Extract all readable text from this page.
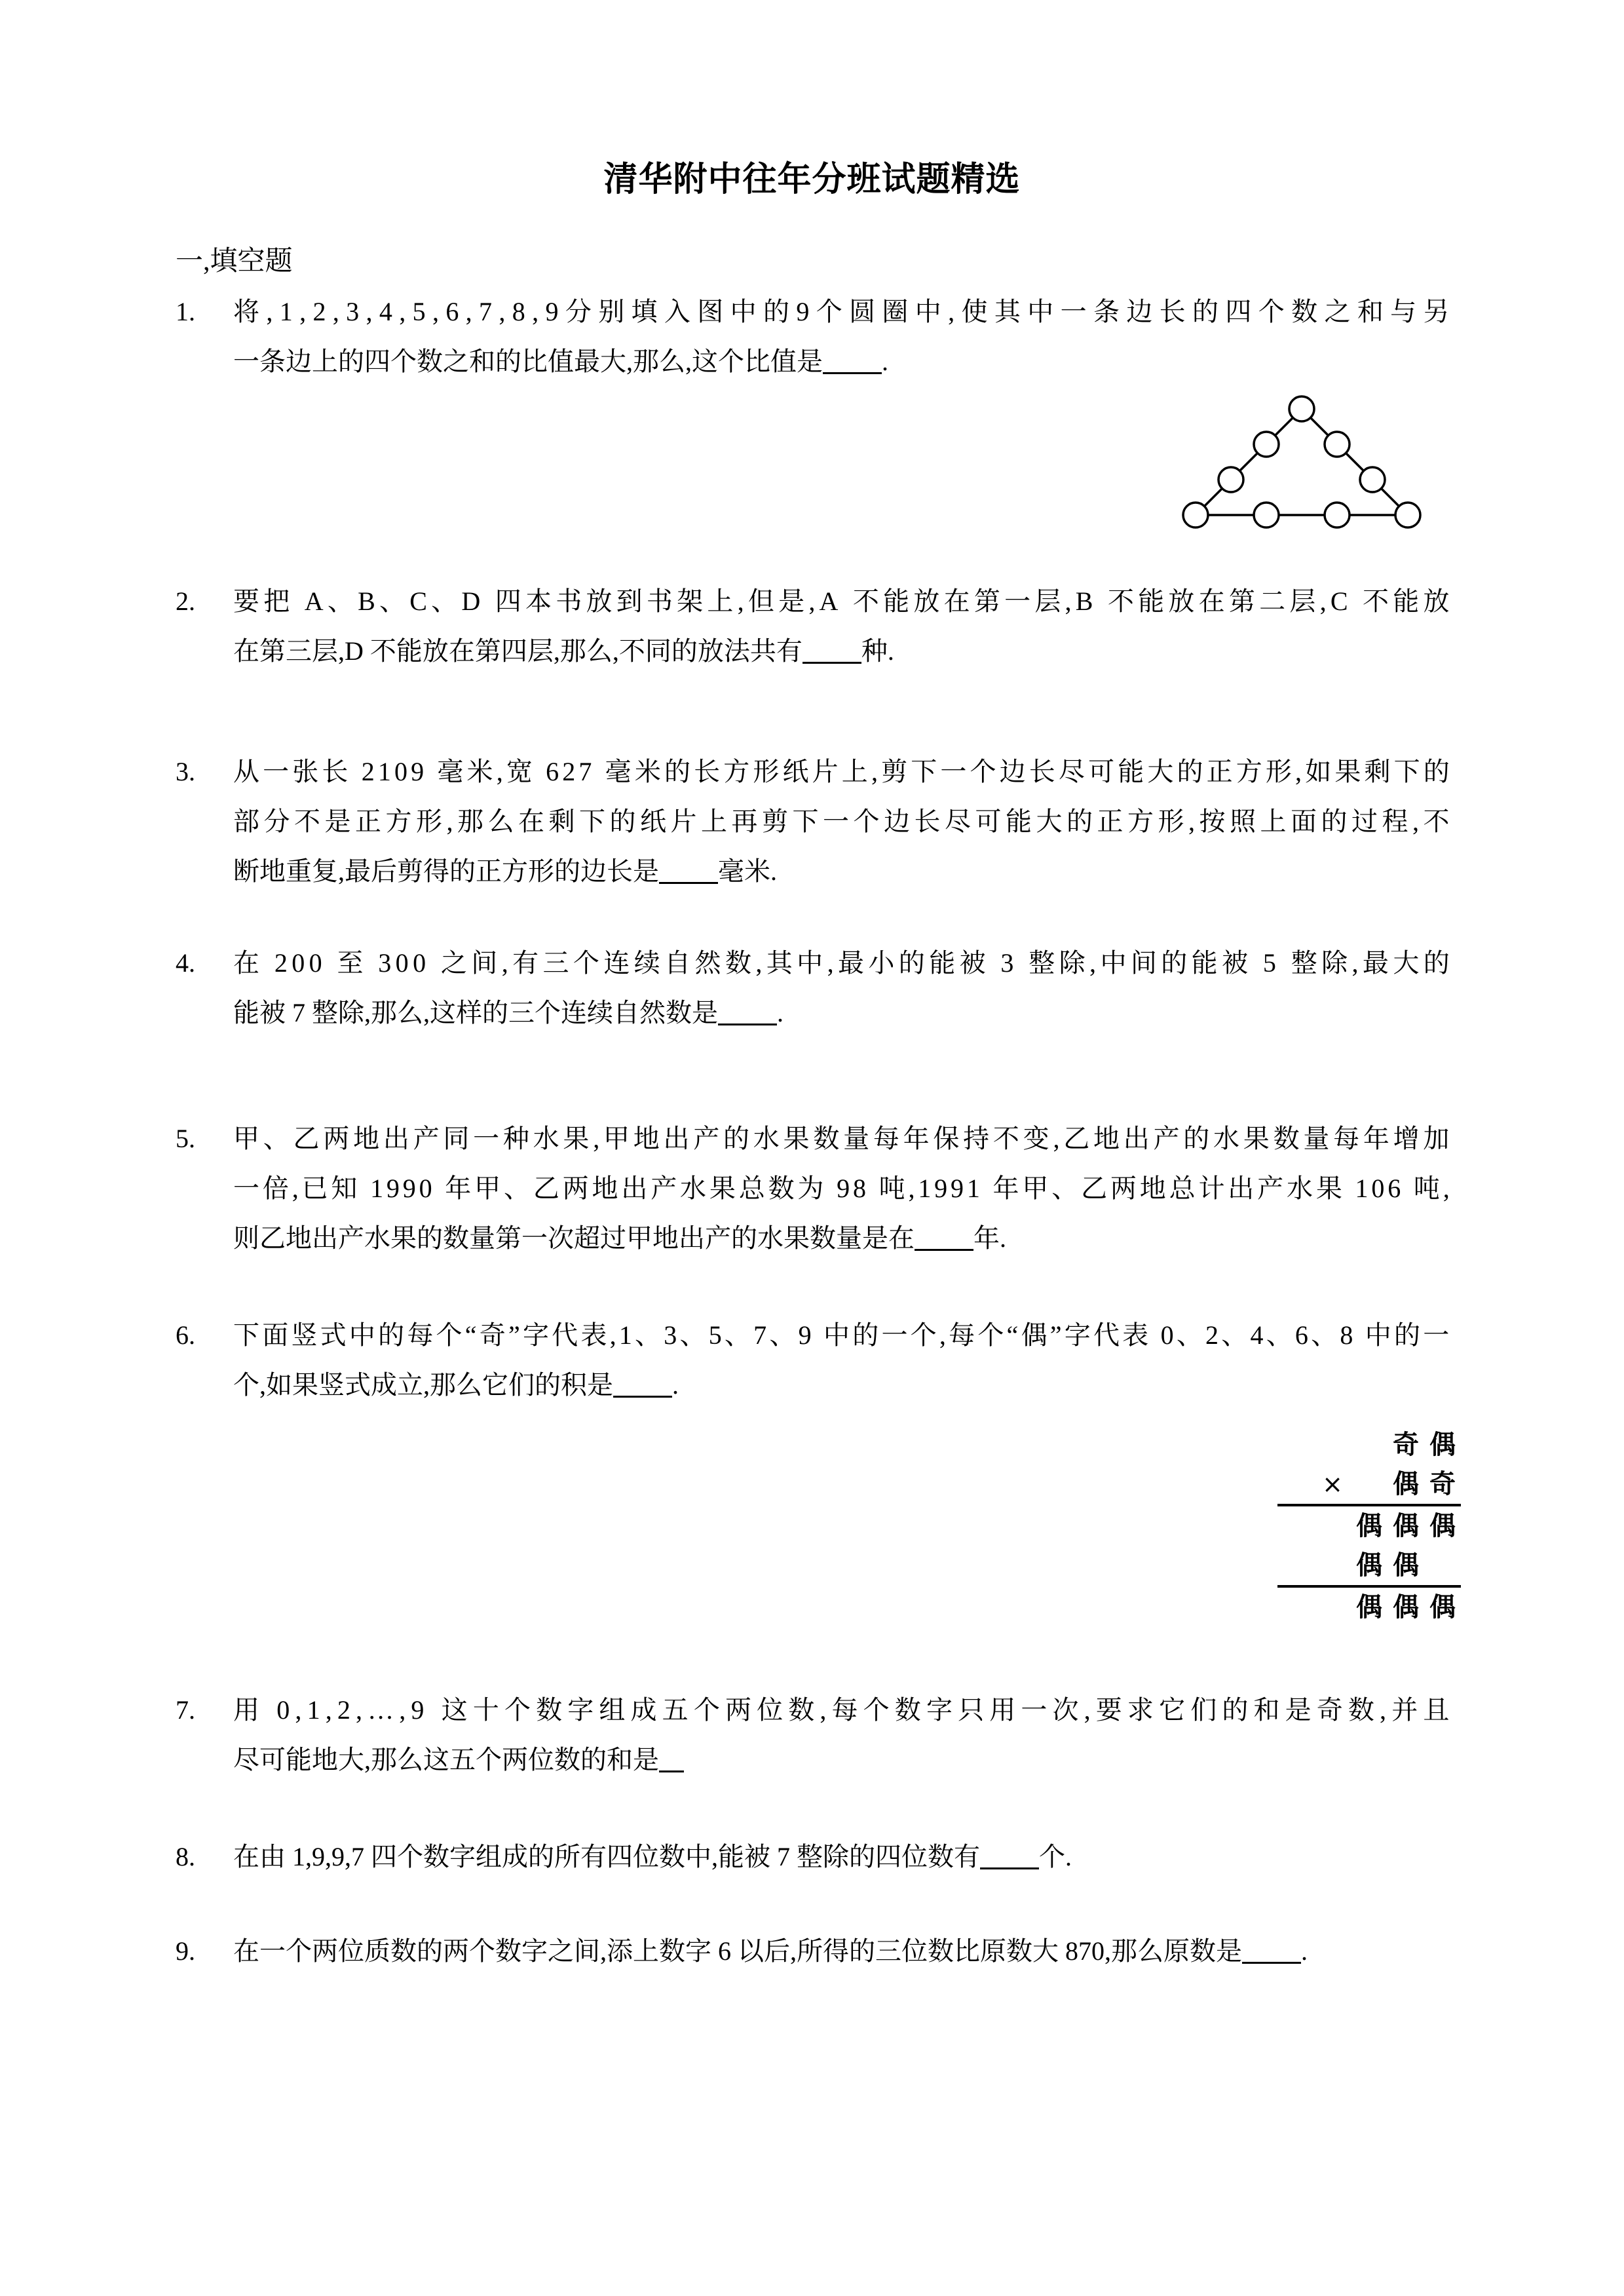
清华附中往年分班试题精选
一,填空题
1.	将 , 1 , 2 , 3 , 4 , 5 , 6 , 7 , 8 , 9 分 别 填 入 图 中 的 9 个 圆 圈 中 , 使 其 中 一 条 边 长 的 四 个 数 之 和 与 另
一条边上的四个数之和的比值最大,那么,这个比值是 .
2.	要 把
A 、 B 、 C 、 D
四 本 书 放 到 书 架 上 , 但 是 , A
不 能 放 在 第 一 层 , B
不 能 放 在 第 二 层 , C
不 能 放
在第三层,D 不能放在第四层,那么,不同的放法共有 种.
3.	从 一 张 长
2 1 0 9
毫 米 , 宽
6 2 7
毫 米 的 长 方 形 纸 片 上 , 剪 下 一 个 边 长 尽 可 能 大 的 正 方 形 , 如 果 剩 下 的
部 分 不 是 正 方 形 , 那 么 在 剩 下 的 纸 片 上 再 剪 下 一 个 边 长 尽 可 能 大 的 正 方 形 , 按 照 上 面 的 过 程 , 不
断地重复,最后剪得的正方形的边长是 毫米.
4.	在
2 0 0
至
3 0 0
之 间 , 有 三 个 连 续 自 然 数 , 其 中 , 最 小 的 能 被
3
整 除 , 中 间 的 能 被
5
整 除 , 最 大 的
能被 7 整除,那么,这样的三个连续自然数是 .
5.	甲 、 乙 两 地 出 产 同 一 种 水 果 , 甲 地 出 产 的 水 果 数 量 每 年 保 持 不 变 , 乙 地 出 产 的 水 果 数 量 每 年 增 加
一 倍 , 已 知
1 9 9 0
年 甲 、 乙 两 地 出 产 水 果 总 数 为
9 8
吨 , 1 9 9 1
年 甲 、 乙 两 地 总 计 出 产 水 果
1 0 6
吨 ,
则乙地出产水果的数量第一次超过甲地出产的水果数量是在 年.
6.	下 面 竖 式 中 的 每 个 “ 奇 ” 字 代 表 , 1 、 3 、 5 、 7 、 9
中 的 一 个 , 每 个 “ 偶 ” 字 代 表
0 、 2 、 4 、 6 、 8
中 的 一
个,如果竖式成立,那么它们的积是 .
奇 偶
×	偶 奇
偶 偶 偶
偶 偶
偶 偶 偶
7.	用
0 , 1 , 2 , … , 9
这 十 个 数 字 组 成 五 个 两 位 数 , 每 个 数 字 只 用 一 次 , 要 求 它 们 的 和 是 奇 数 , 并 且
尽可能地大,那么这五个两位数的和是
8.	在由 1,9,9,7 四个数字组成的所有四位数中,能被 7 整除的四位数有 个.
9.	在一个两位质数的两个数字之间,添上数字 6 以后,所得的三位数比原数大 870,那么原数是 .
